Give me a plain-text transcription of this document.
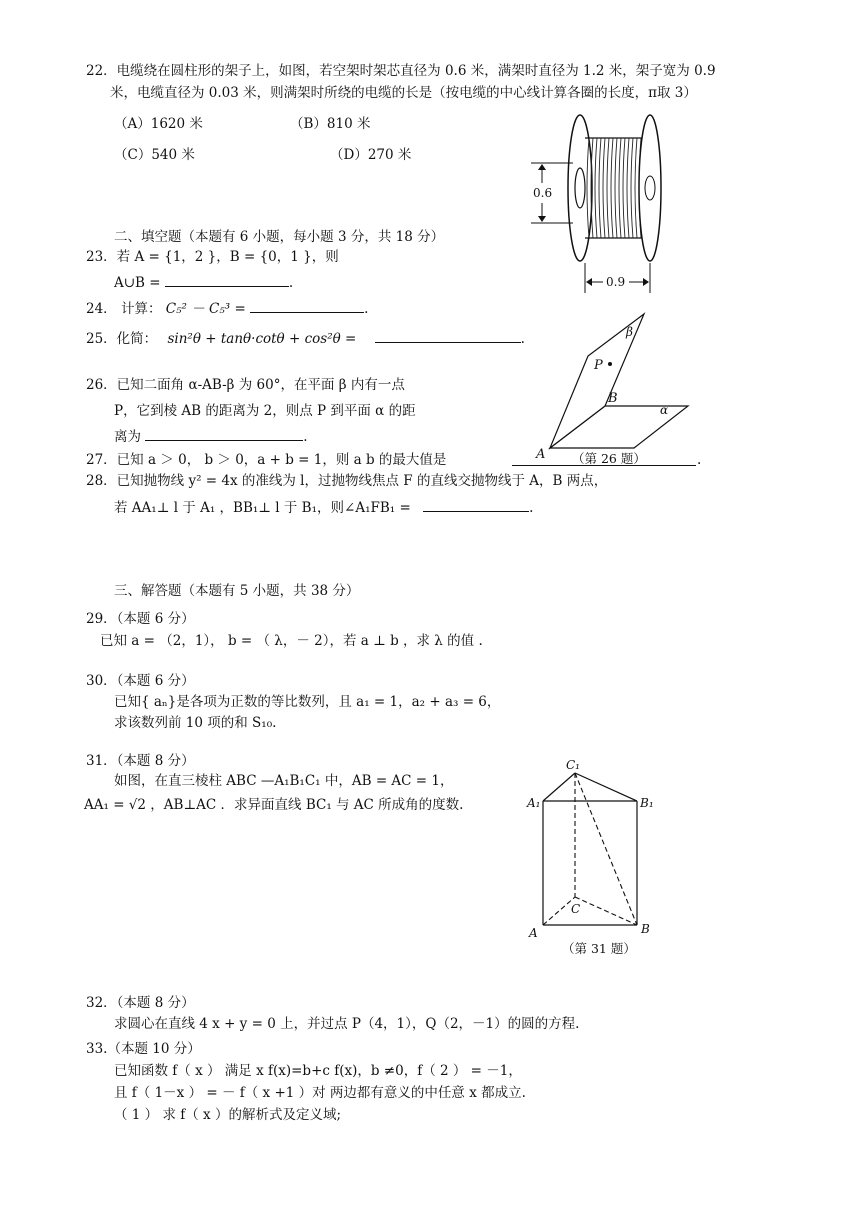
22．电缆绕在圆柱形的架子上，如图，若空架时架芯直径为 0.6 米，满架时直径为 1.2 米，架子宽为 0.9
米，电缆直径为 0.03 米，则满架时所绕的电缆的长是（按电缆的中心线计算各圈的长度，π取 3）
（A）1620 米	（B）810 米
（C）540 米	（D）270 米
0.6
0.9
二、填空题（本题有 6 小题，每小题 3 分，共 18 分）
23．若 A = {1，2 }，B = {0，1 }，则
A∪B =	.
24． 计算： C₅² － C₅³ =	.
25．化简： sin²θ + tanθ·cotθ + cos²θ =	.	β
P
B
α
A （第 26 题）
26．已知二面角 α-AB-β 为 60°，在平面 β 内有一点
P，它到棱 AB 的距离为 2，则点 P 到平面 α 的距
离为	.
27．已知 a ＞ 0， b ＞ 0，a + b = 1，则 a b 的最大值是	.
28．已知抛物线 y² = 4x 的准线为 l，过抛物线焦点 F 的直线交抛物线于 A，B 两点，
若 AA₁⊥ l 于 A₁ ，BB₁⊥ l 于 B₁，则∠A₁FB₁ =	.
三、解答题（本题有 5 小题，共 38 分）
29．（本题 6 分）
已知 a = （2，1）， b = （ λ，－ 2），若 a ⊥ b ，求 λ 的值 .
30．（本题 6 分）
已知{ aₙ}是各项为正数的等比数列，且 a₁ = 1，a₂ + a₃ = 6，
求该数列前 10 项的和 S₁₀.
31．（本题 8 分）
如图，在直三棱柱 ABC —A₁B₁C₁ 中，AB = AC = 1，
AA₁ = √2 ，AB⊥AC ．求异面直线 BC₁ 与 AC 所成角的度数.
C₁
A₁	B₁
C
A	B
（第 31 题）
32．（本题 8 分）
求圆心在直线 4 x + y = 0 上，并过点 P（4，1），Q（2，－1）的圆的方程.
33.（本题 10 分）
已知函数 f（ x ） 满足 x f(x)=b+c f(x)，b ≠0，f（ 2 ） = －1，
且 f（ 1－x ） = － f（ x +1 ）对 两边都有意义的中任意 x 都成立.
（ 1 ） 求 f（ x ）的解析式及定义域;
